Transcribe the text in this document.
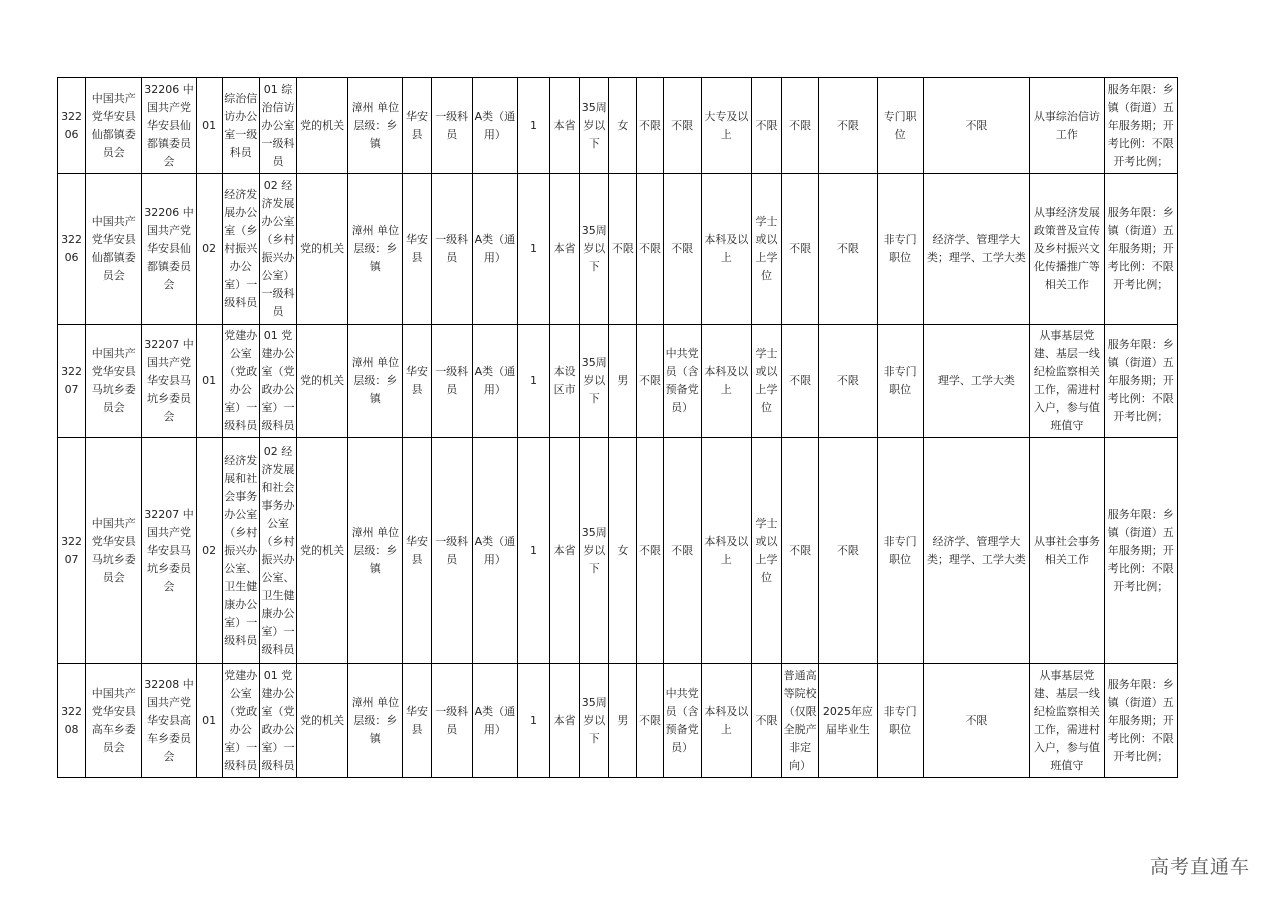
32206	中国共产党华安县仙都镇委员会	32206 中国共产党华安县仙都镇委员会	01	综治信访办公室一级科员	01 综治信访办公室一级科员	党的机关	漳州 单位层级：乡镇	华安县	一级科员	A类（通用）	1	本省	35周岁以下	女	不限	不限	大专及以上	不限	不限	不限	专门职位	不限	从事综治信访工作	服务年限：乡镇（街道）五年服务期；开考比例：不限开考比例；
32206	中国共产党华安县仙都镇委员会	32206 中国共产党华安县仙都镇委员会	02	经济发展办公室（乡村振兴办公室）一级科员	02 经济发展办公室（乡村振兴办公室）一级科员	党的机关	漳州 单位层级：乡镇	华安县	一级科员	A类（通用）	1	本省	35周岁以下	不限	不限	不限	本科及以上	学士或以上学位	不限	不限	非专门职位	经济学、管理学大类；理学、工学大类	从事经济发展政策普及宣传及乡村振兴文化传播推广等相关工作	服务年限：乡镇（街道）五年服务期；开考比例：不限开考比例；
32207	中国共产党华安县马坑乡委员会	32207 中国共产党华安县马坑乡委员会	01	党建办公室（党政办公室）一级科员	01 党建办公室（党政办公室）一级科员	党的机关	漳州 单位层级：乡镇	华安县	一级科员	A类（通用）	1	本设区市	35周岁以下	男	不限	中共党员（含预备党员）	本科及以上	学士或以上学位	不限	不限	非专门职位	理学、工学大类	从事基层党建、基层一线纪检监察相关工作，需进村入户，参与值班值守	服务年限：乡镇（街道）五年服务期；开考比例：不限开考比例；
32207	中国共产党华安县马坑乡委员会	32207 中国共产党华安县马坑乡委员会	02	经济发展和社会事务办公室（乡村振兴办公室、卫生健康办公室）一级科员	02 经济发展和社会事务办公室（乡村振兴办公室、卫生健康办公室）一级科员	党的机关	漳州 单位层级：乡镇	华安县	一级科员	A类（通用）	1	本省	35周岁以下	女	不限	不限	本科及以上	学士或以上学位	不限	不限	非专门职位	经济学、管理学大类；理学、工学大类	从事社会事务相关工作	服务年限：乡镇（街道）五年服务期；开考比例：不限开考比例；
32208	中国共产党华安县高车乡委员会	32208 中国共产党华安县高车乡委员会	01	党建办公室（党政办公室）一级科员	01 党建办公室（党政办公室）一级科员	党的机关	漳州 单位层级：乡镇	华安县	一级科员	A类（通用）	1	本省	35周岁以下	男	不限	中共党员（含预备党员）	本科及以上	不限	普通高等院校（仅限全脱产非定向）	2025年应届毕业生	非专门职位	不限	从事基层党建、基层一线纪检监察相关工作，需进村入户，参与值班值守	服务年限：乡镇（街道）五年服务期；开考比例：不限开考比例；
高考直通车
